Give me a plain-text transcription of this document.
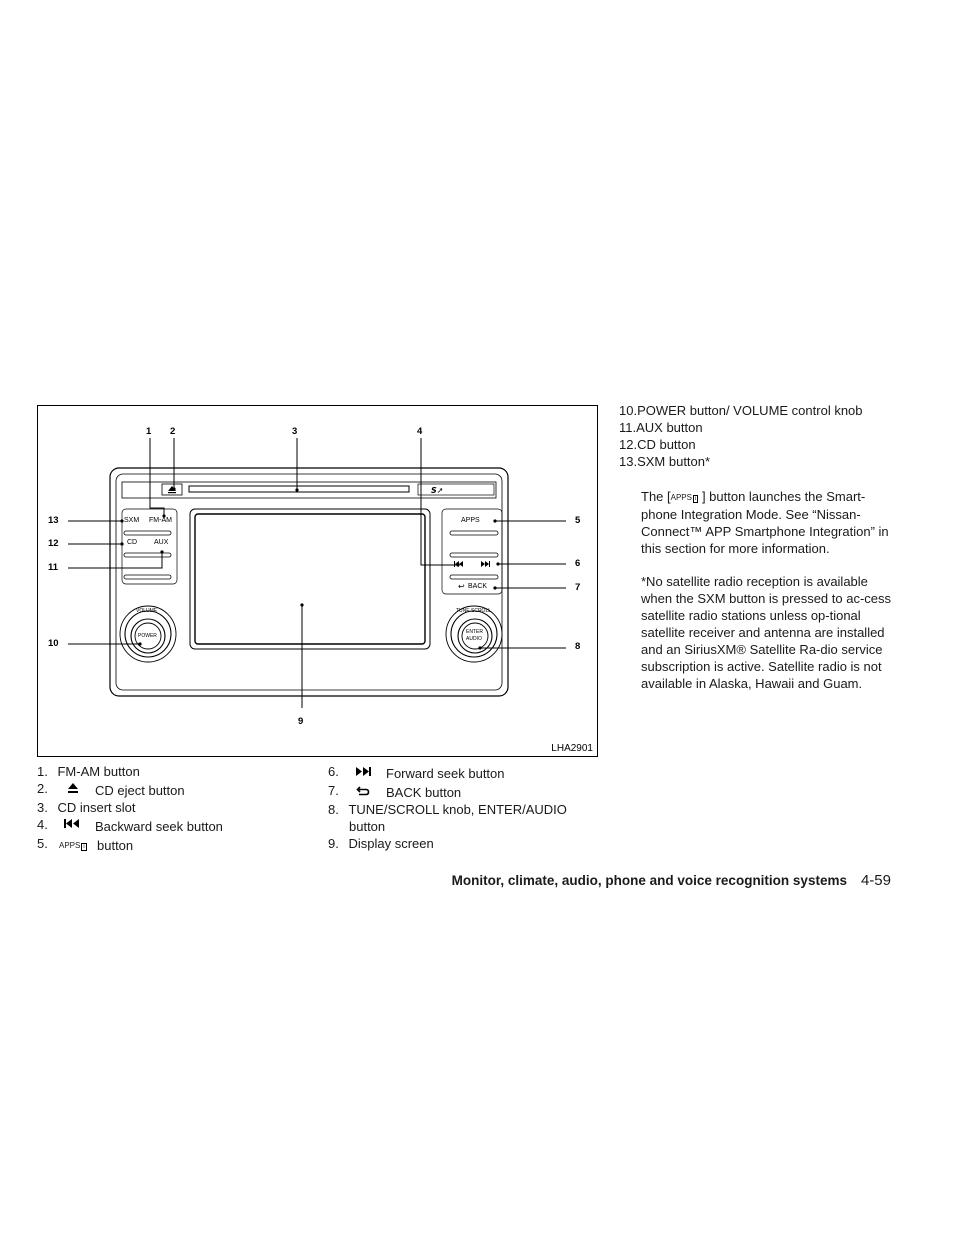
S➚
1 2	3	4
5
6
7
8
9
10
11
12
13	SXM FM-AM
CD AUX
APPS
BACK
↩
VOLUME
POWER
TUNE SCROLL
ENTER
AUDIO
LHA2901
1. FM-AM button
2.	CD eject button
3. CD insert slot
4.	Backward seek button
5. APPS i button
6.	Forward seek button
7.	BACK button
8. TUNE/SCROLL knob, ENTER/AUDIO
button
9. Display screen
10.POWER button/ VOLUME control knob
11.AUX button
12.CD button
13.SXM button*

The [APPS i ] button launches the Smart-phone Integration Mode. See “Nissan-Connect™ APP Smartphone Integration” in this section for more information.

*No satellite radio reception is available when the SXM button is pressed to ac-cess satellite radio stations unless op-tional satellite receiver and antenna are installed and an SiriusXM® Satellite Ra-dio service subscription is active. Satellite radio is not available in Alaska, Hawaii and Guam.

Monitor, climate, audio, phone and voice recognition systems 4-59
